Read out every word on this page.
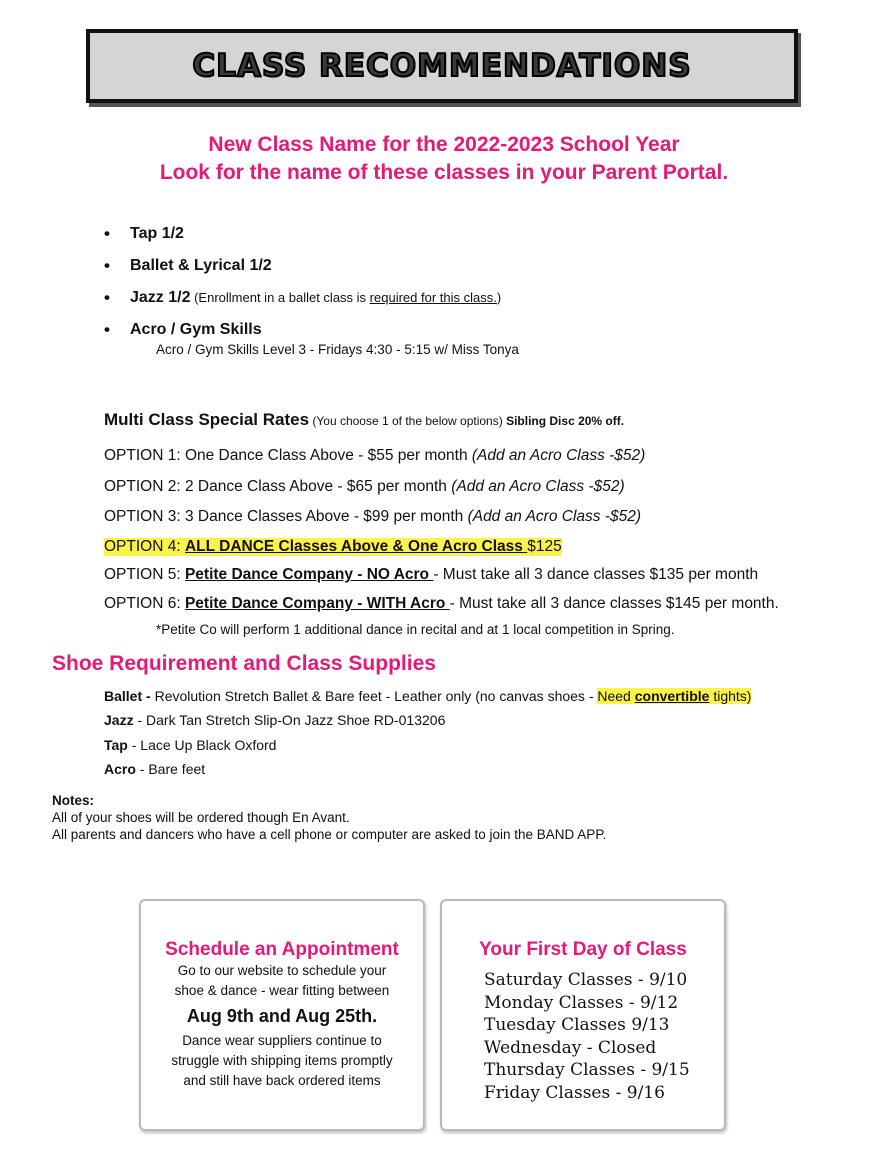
CLASS RECOMMENDATIONS
New Class Name for the 2022-2023 School Year
Look for the name of these classes in your Parent Portal.
• Tap 1/2
• Ballet & Lyrical 1/2
• Jazz 1/2 (Enrollment in a ballet class is required for this class.)
• Acro / Gym Skills
Acro / Gym Skills Level 3 - Fridays 4:30 - 5:15 w/ Miss Tonya
Multi Class Special Rates (You choose 1 of the below options) Sibling Disc 20% off.
OPTION 1: One Dance Class Above - $55 per month (Add an Acro Class -$52)
OPTION 2: 2 Dance Class Above - $65 per month (Add an Acro Class -$52)
OPTION 3: 3 Dance Classes Above - $99 per month (Add an Acro Class -$52)
OPTION 4: ALL DANCE Classes Above & One Acro Class $125
OPTION 5: Petite Dance Company - NO Acro - Must take all 3 dance classes $135 per month
OPTION 6: Petite Dance Company - WITH Acro - Must take all 3 dance classes $145 per month.
*Petite Co will perform 1 additional dance in recital and at 1 local competition in Spring.
Shoe Requirement and Class Supplies
Ballet - Revolution Stretch Ballet & Bare feet - Leather only (no canvas shoes - Need convertible tights)
Jazz - Dark Tan Stretch Slip-On Jazz Shoe RD-013206
Tap - Lace Up Black Oxford
Acro - Bare feet
Notes:
All of your shoes will be ordered though En Avant.
All parents and dancers who have a cell phone or computer are asked to join the BAND APP.
Schedule an Appointment
Go to our website to schedule your
shoe & dance - wear fitting between
Aug 9th and Aug 25th.
Dance wear suppliers continue to
struggle with shipping items promptly
and still have back ordered items
Your First Day of Class
Saturday Classes - 9/10
Monday Classes - 9/12
Tuesday Classes 9/13
Wednesday - Closed
Thursday Classes - 9/15
Friday Classes - 9/16
